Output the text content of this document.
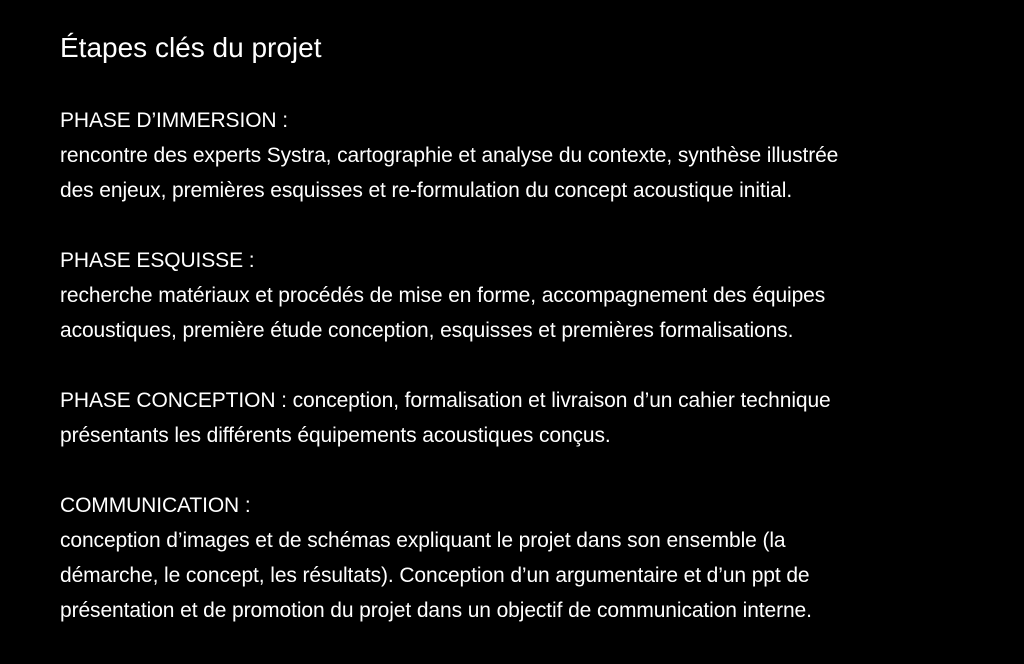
Étapes clés du projet

PHASE D’IMMERSION :

rencontre des experts Systra, cartographie et analyse du contexte, synthèse illustrée

des enjeux, premières esquisses et re-formulation du concept acoustique initial.

PHASE ESQUISSE :

recherche matériaux et procédés de mise en forme, accompagnement des équipes

acoustiques, première étude conception, esquisses et premières formalisations.

PHASE CONCEPTION : conception, formalisation et livraison d’un cahier technique

présentants les différents équipements acoustiques conçus.

COMMUNICATION :

conception d’images et de schémas expliquant le projet dans son ensemble (la

démarche, le concept, les résultats). Conception d’un argumentaire et d’un ppt de

présentation et de promotion du projet dans un objectif de communication interne.
